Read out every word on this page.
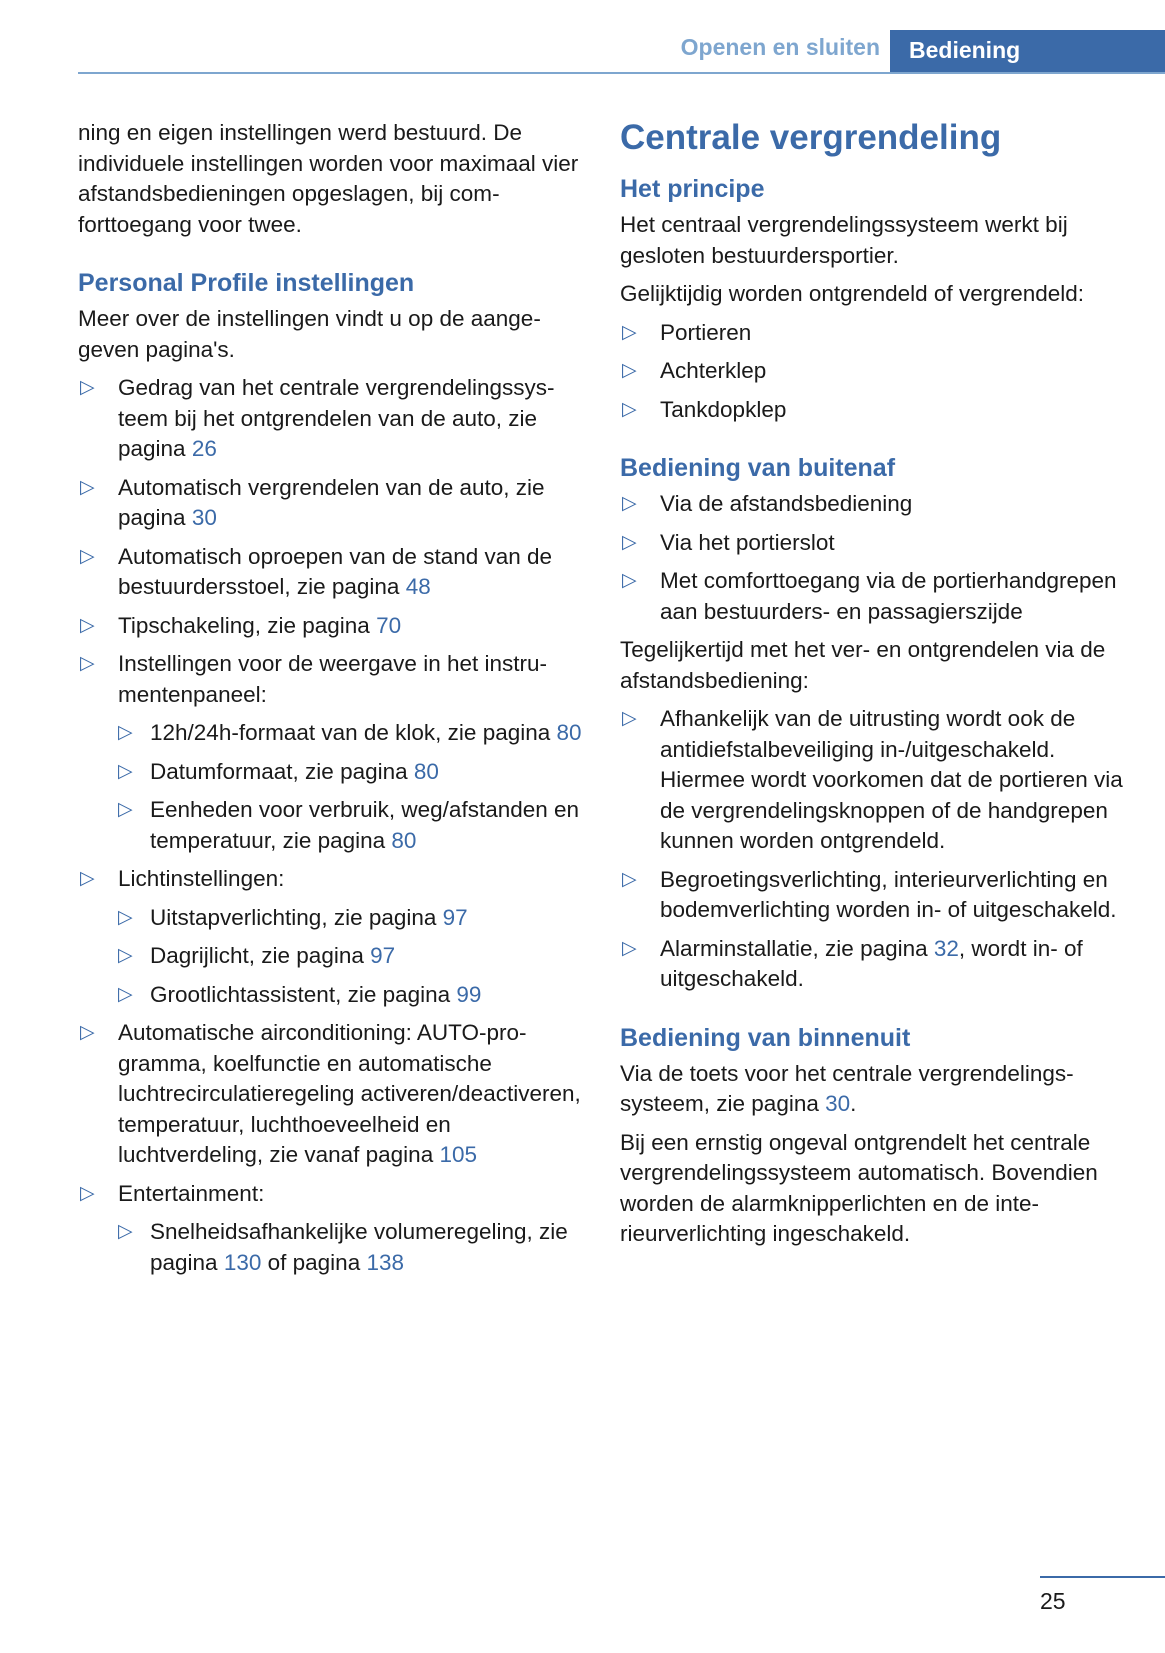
Openen en sluiten	Bediening

ning en eigen instellingen werd bestuurd. De individuele instellingen worden voor maximaal vier afstandsbedieningen opgeslagen, bij comforttoegang voor twee.

Personal Profile instellingen

Meer over de instellingen vindt u op de aangegeven pagina's.

▷ Gedrag van het centrale vergrendelingssysteem bij het ontgrendelen van de auto, zie pagina 26
▷ Automatisch vergrendelen van de auto, zie pagina 30
▷ Automatisch oproepen van de stand van de bestuurdersstoel, zie pagina 48
▷ Tipschakeling, zie pagina 70
▷ Instellingen voor de weergave in het instrumentenpaneel:
▷ 12h/24h-formaat van de klok, zie pagina 80
▷ Datumformaat, zie pagina 80
▷ Eenheden voor verbruik, weg/afstanden en temperatuur, zie pagina 80
▷ Lichtinstellingen:
▷ Uitstapverlichting, zie pagina 97
▷ Dagrijlicht, zie pagina 97
▷ Grootlichtassistent, zie pagina 99
▷ Automatische airconditioning: AUTO-programma, koelfunctie en automatische luchtrecirculatieregeling activeren/deactiveren, temperatuur, luchthoeveelheid en luchtverdeling, zie vanaf pagina 105
▷ Entertainment:
▷ Snelheidsafhankelijke volumeregeling, zie pagina 130 of pagina 138
Centrale vergrendeling
Het principe

Het centraal vergrendelingssysteem werkt bij gesloten bestuurdersportier.

Gelijktijdig worden ontgrendeld of vergrendeld:

▷ Portieren
▷ Achterklep
▷ Tankdopklep
Bediening van buitenaf
▷ Via de afstandsbediening
▷ Via het portierslot
▷ Met comforttoegang via de portierhandgrepen aan bestuurders- en passagierszijde

Tegelijkertijd met het ver- en ontgrendelen via de afstandsbediening:

▷ Afhankelijk van de uitrusting wordt ook de antidiefstalbeveiliging in-/uitgeschakeld. Hiermee wordt voorkomen dat de portieren via de vergrendelingsknoppen of de handgrepen kunnen worden ontgrendeld.
▷ Begroetingsverlichting, interieurverlichting en bodemverlichting worden in- of uitgeschakeld.
▷ Alarminstallatie, zie pagina 32, wordt in- of uitgeschakeld.
Bediening van binnenuit

Via de toets voor het centrale vergrendelingssysteem, zie pagina 30.

Bij een ernstig ongeval ontgrendelt het centrale vergrendelingssysteem automatisch. Bovendien worden de alarmknipperlichten en de interieurverlichting ingeschakeld.

25
